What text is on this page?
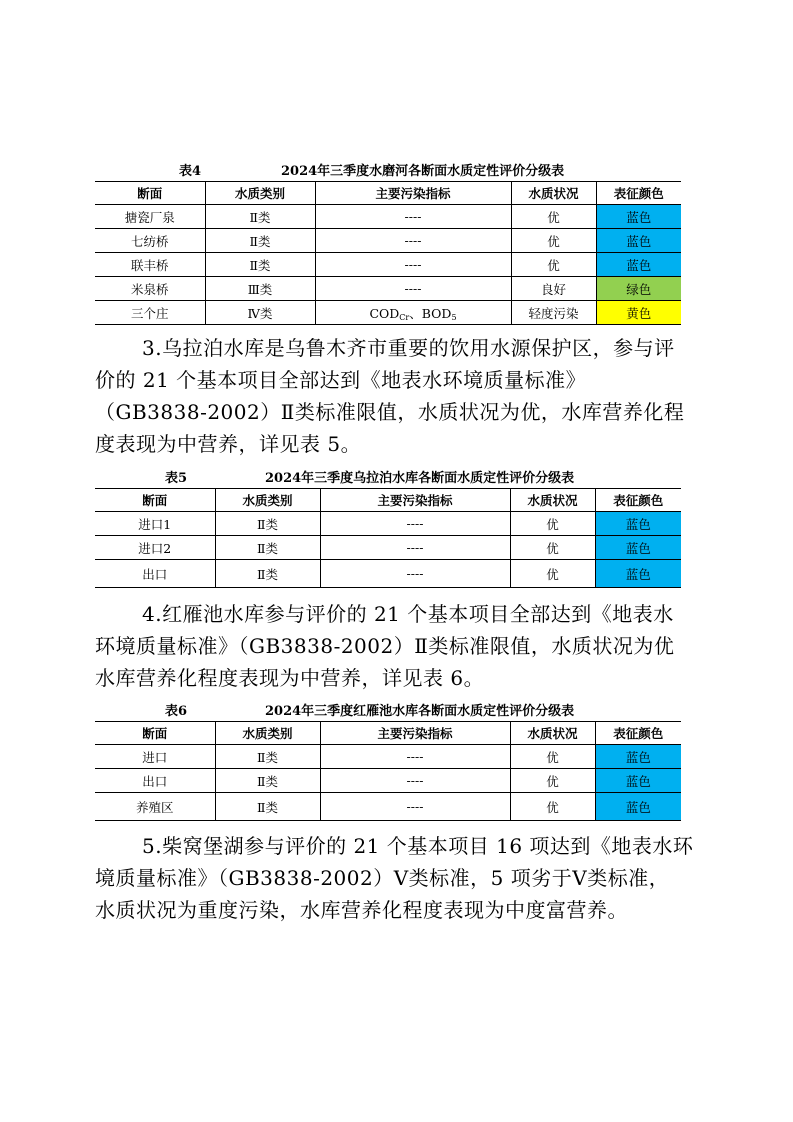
表4	2024年三季度水磨河各断面水质定性评价分级表
断面	水质类别	主要污染指标	水质状况	表征颜色
搪瓷厂泉	Ⅱ类	----	优	蓝色
七纺桥	Ⅱ类	----	优	蓝色
联丰桥	Ⅱ类	----	优	蓝色
米泉桥	Ⅲ类	----	良好	绿色
三个庄	Ⅳ类	$COD_{Cr}$、$BOD_5$	轻度污染	黄色
3.乌拉泊水库是乌鲁木齐市重要的饮用水源保护区，参与评
价的 21 个基本项目全部达到《地表水环境质量标准》
（GB3838-2002）Ⅱ类标准限值，水质状况为优，水库营养化程
度表现为中营养，详见表 5。
表5	2024年三季度乌拉泊水库各断面水质定性评价分级表
断面	水质类别	主要污染指标	水质状况	表征颜色
进口1	Ⅱ类	----	优	蓝色
进口2	Ⅱ类	----	优	蓝色
出口	Ⅱ类	----	优	蓝色
4.红雁池水库参与评价的 21 个基本项目全部达到《地表水
环境质量标准》（GB3838-2002）Ⅱ类标准限值，水质状况为优
水库营养化程度表现为中营养，详见表 6。
表6	2024年三季度红雁池水库各断面水质定性评价分级表
断面	水质类别	主要污染指标	水质状况	表征颜色
进口	Ⅱ类	----	优	蓝色
出口	Ⅱ类	----	优	蓝色
养殖区	Ⅱ类	----	优	蓝色
5.柴窝堡湖参与评价的 21 个基本项目 16 项达到《地表水环
境质量标准》（GB3838-2002）Ⅴ类标准，5 项劣于Ⅴ类标准，
水质状况为重度污染，水库营养化程度表现为中度富营养。
